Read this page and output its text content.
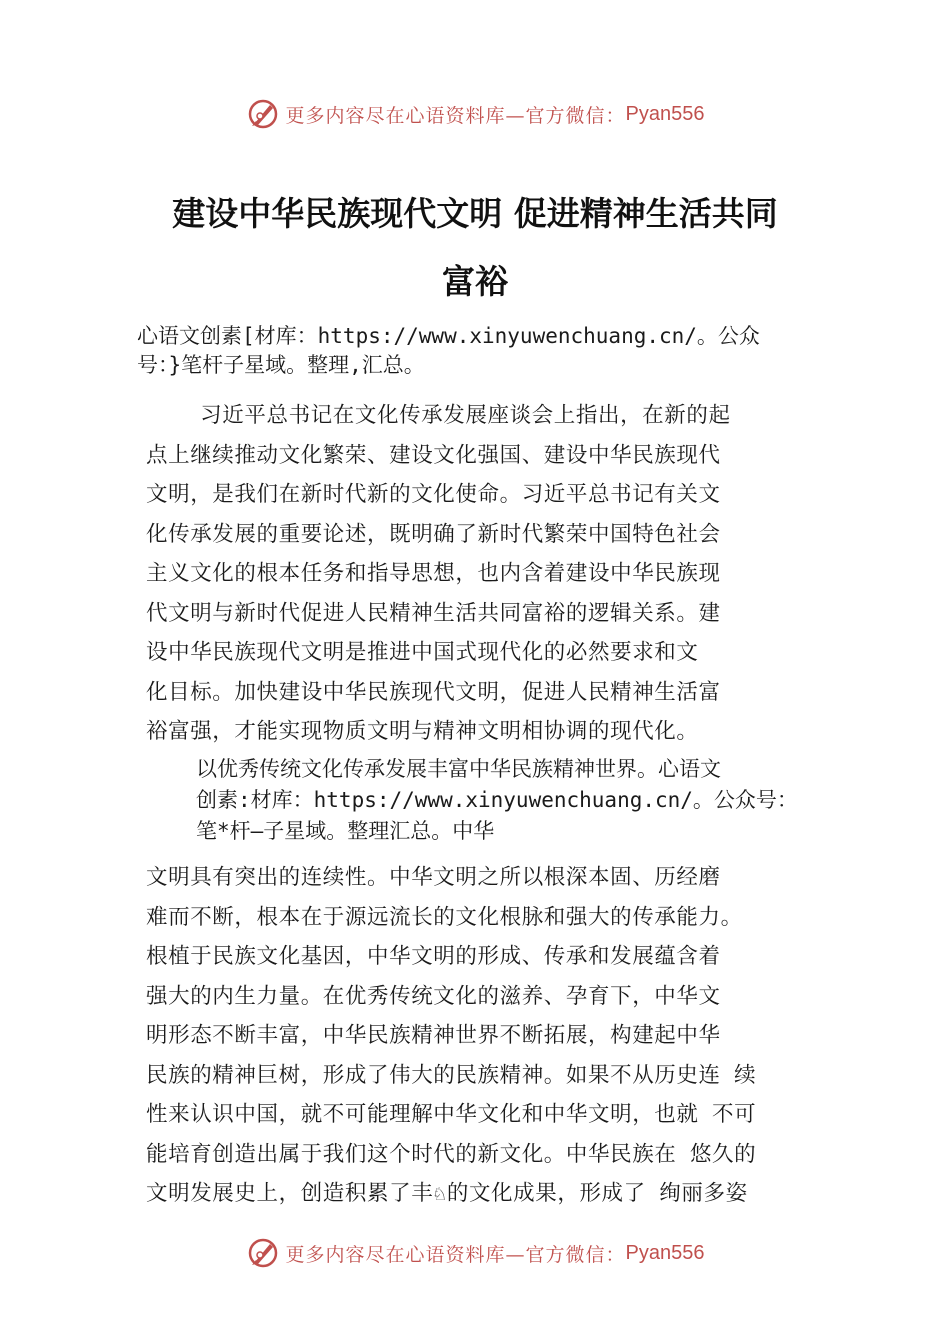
更多内容尽在心语资料库—官方微信： Pyan556
建设中华民族现代文明 促进精神生活共同
富裕
心语文创素[材库：https://www.xinyuwenchuang.cn/。公众
号：}笔杆子星域。整理,汇总。
习近平总书记在文化传承发展座谈会上指出，在新的起
点上继续推动文化繁荣、建设文化强国、建设中华民族现代
文明，是我们在新时代新的文化使命。习近平总书记有关文
化传承发展的重要论述，既明确了新时代繁荣中国特色社会
主义文化的根本任务和指导思想，也内含着建设中华民族现
代文明与新时代促进人民精神生活共同富裕的逻辑关系。建
设中华民族现代文明是推进中国式现代化的必然要求和文
化目标。加快建设中华民族现代文明，促进人民精神生活富
裕富强，才能实现物质文明与精神文明相协调的现代化。
以优秀传统文化传承发展丰富中华民族精神世界。心语文
创素:材库：https://www.xinyuwenchuang.cn/。公众号：
笔*杆—子星域。整理汇总。中华
文明具有突出的连续性。中华文明之所以根深本固、历经磨
难而不断，根本在于源远流长的文化根脉和强大的传承能力。
根植于民族文化基因，中华文明的形成、传承和发展蕴含着
强大的内生力量。在优秀传统文化的滋养、孕育下，中华文
明形态不断丰富，中华民族精神世界不断拓展，构建起中华
民族的精神巨树，形成了伟大的民族精神。如果不从历史连 续
性来认识中国，就不可能理解中华文化和中华文明，也就 不可
能培育创造出属于我们这个时代的新文化。中华民族在 悠久的
文明发展史上，创造积累了丰♘的文化成果，形成了 绚丽多姿
更多内容尽在心语资料库—官方微信： Pyan556
